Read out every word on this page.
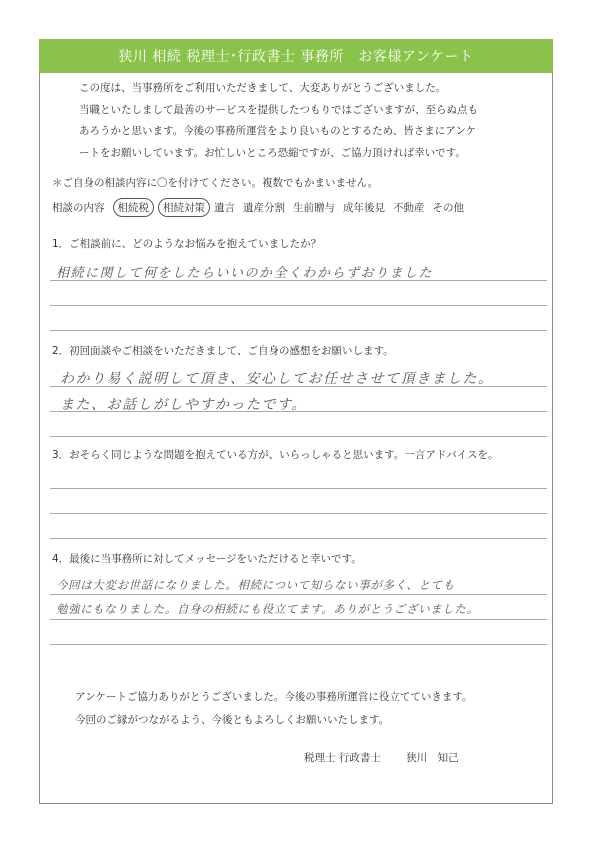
狭川 相続 税理士･行政書士 事務所　お客様アンケート

この度は、当事務所をご利用いただきまして、大変ありがとうございました。

当職といたしまして最善のサービスを提供したつもりではございますが、至らぬ点も

あろうかと思います。今後の事務所運営をより良いものとするため、皆さまにアンケ

ートをお願いしています。お忙しいところ恐縮ですが、ご協力頂ければ幸いです。

＊ご自身の相談内容に〇を付けてください。複数でもかまいません。
相談の内容	相続税	相続対策 遺言 遺産分割 生前贈与 成年後見 不動産 その他
1．ご相談前に、どのようなお悩みを抱えていましたか？
相続に関して何をしたらいいのか全くわからずおりました
2．初回面談やご相談をいただきまして、ご自身の感想をお願いします。
わかり易く説明して頂き、安心してお任せさせて頂きました。
また、お話しがしやすかったです。
3．おそらく同じような問題を抱えている方が、いらっしゃると思います。一言アドバイスを。
4．最後に当事務所に対してメッセージをいただけると幸いです。
今回は大変お世話になりました。相続について知らない事が多く、とても
勉強にもなりました。自身の相続にも役立てます。ありがとうございました。
アンケートご協力ありがとうございました。今後の事務所運営に役立てていきます。
今回のご縁がつながるよう、今後ともよろしくお願いいたします。
税理士 行政書士 狭川　知己
